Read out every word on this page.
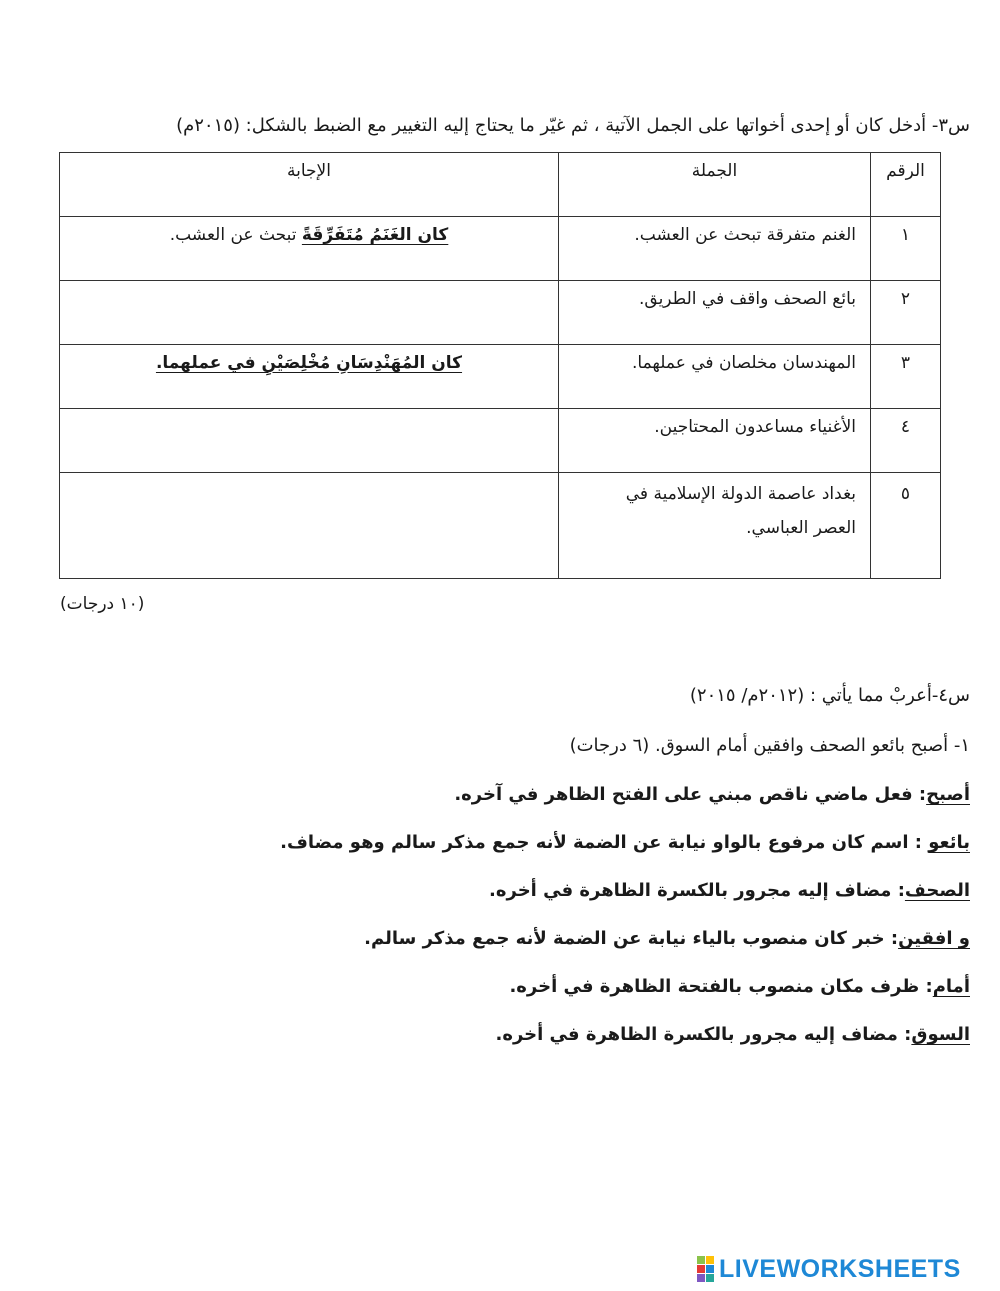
س٣- أدخل كان أو إحدى أخواتها على الجمل الآتية ، ثم غيّر ما يحتاج إليه التغيير مع الضبط بالشكل: (٢٠١٥م)
الرقم	الجملة	الإجابة
١	الغنم متفرقة تبحث عن العشب.	كان الغَنَمُ مُتَفَرِّقَةً تبحث عن العشب.
٢	بائع الصحف واقف في الطريق.	
٣	المهندسان مخلصان في عملهما.	كان المُهَنْدِسَانِ مُخْلِصَيْنِ في عملهما.
٤	الأغنياء مساعدون المحتاجين.	
٥	بغداد عاصمة الدولة الإسلامية في
العصر العباسي.	

(١٠ درجات)
س٤-أعربْ مما يأتي : (٢٠١٢م/ ٢٠١٥)
١- أصبح بائعو الصحف وافقين أمام السوق. (٦ درجات)
أصبح: فعل ماضي ناقص مبني على الفتح الظاهر في آخره.
بائعو : اسم كان مرفوع بالواو نيابة عن الضمة لأنه جمع مذكر سالم وهو مضاف.
الصحف: مضاف إليه مجرور بالكسرة الظاهرة في أخره.
و افقين: خبر كان منصوب بالياء نيابة عن الضمة لأنه جمع مذكر سالم.
أمام: ظرف مكان منصوب بالفتحة الظاهرة في أخره.
السوق: مضاف إليه مجرور بالكسرة الظاهرة في أخره.
LIVEWORKSHEETS
